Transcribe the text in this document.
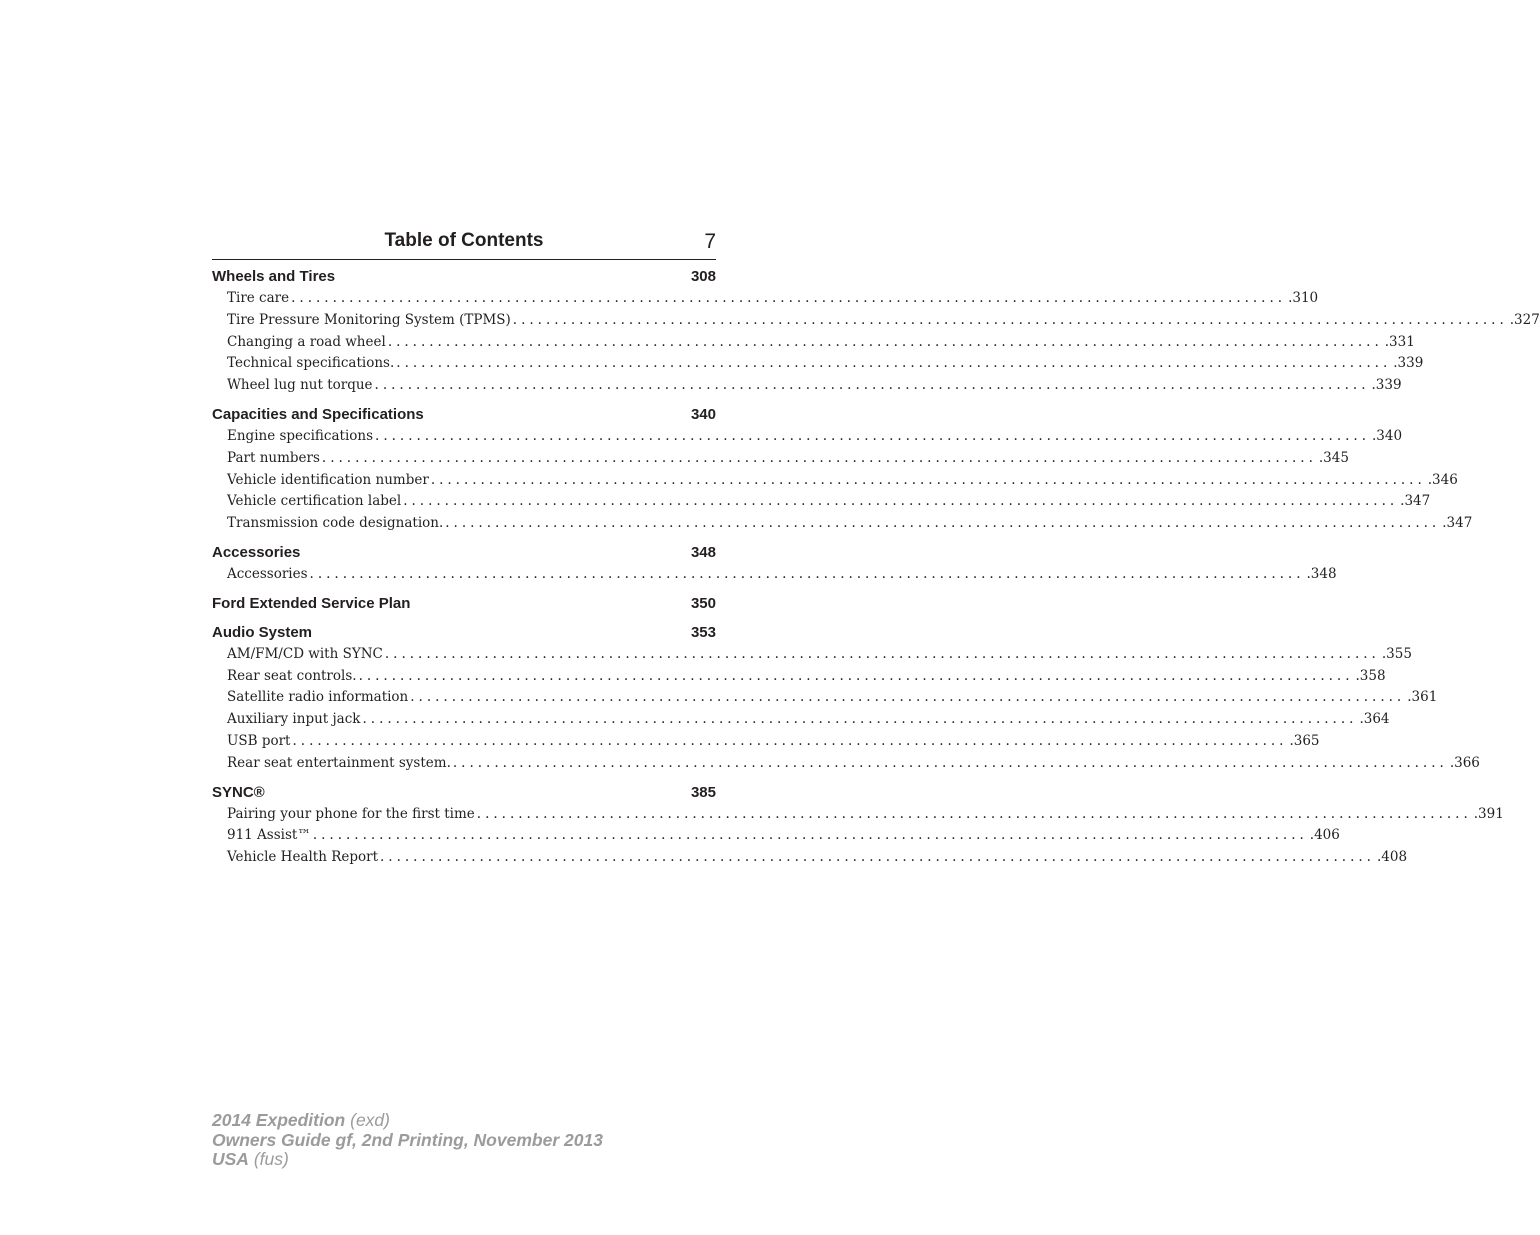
Table of Contents	7
Wheels and Tires	308
Tire care ........................................................................................................................ .310
Tire Pressure Monitoring System (TPMS) ........................................................................................................................ .327
Changing a road wheel ........................................................................................................................ .331
Technical specifications. ........................................................................................................................ .339
Wheel lug nut torque ........................................................................................................................ .339
Capacities and Specifications	340
Engine specifications ........................................................................................................................ .340
Part numbers ........................................................................................................................ .345
Vehicle identification number ........................................................................................................................ .346
Vehicle certification label ........................................................................................................................ .347
Transmission code designation. ........................................................................................................................ .347
Accessories	348
Accessories ........................................................................................................................ .348
Ford Extended Service Plan	350
Audio System	353
AM/FM/CD with SYNC ........................................................................................................................ .355
Rear seat controls. ........................................................................................................................ .358
Satellite radio information ........................................................................................................................ .361
Auxiliary input jack ........................................................................................................................ .364
USB port ........................................................................................................................ .365
Rear seat entertainment system. ........................................................................................................................ .366
SYNC®	385
Pairing your phone for the first time ........................................................................................................................ .391
911 Assist™ ........................................................................................................................ .406
Vehicle Health Report ........................................................................................................................ .408
2014 Expedition (exd)
Owners Guide gf, 2nd Printing, November 2013
USA (fus)
